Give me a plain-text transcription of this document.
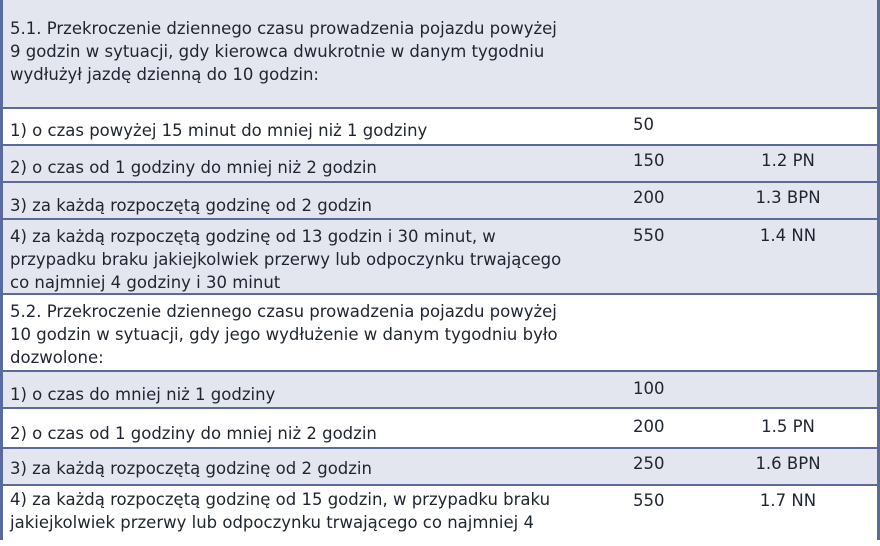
5.1. Przekroczenie dziennego czasu prowadzenia pojazdu powyżej
9 godzin w sytuacji, gdy kierowca dwukrotnie w danym tygodniu
wydłużył jazdę dzienną do 10 godzin:
1) o czas powyżej 15 minut do mniej niż 1 godziny	50
2) o czas od 1 godziny do mniej niż 2 godzin	150	1.2 PN
3) za każdą rozpoczętą godzinę od 2 godzin	200	1.3 BPN
4) za każdą rozpoczętą godzinę od 13 godzin i 30 minut, w
przypadku braku jakiejkolwiek przerwy lub odpoczynku trwającego
co najmniej 4 godziny i 30 minut
550	1.4 NN
5.2. Przekroczenie dziennego czasu prowadzenia pojazdu powyżej
10 godzin w sytuacji, gdy jego wydłużenie w danym tygodniu było
dozwolone:
1) o czas do mniej niż 1 godziny	100
2) o czas od 1 godziny do mniej niż 2 godzin	200	1.5 PN
3) za każdą rozpoczętą godzinę od 2 godzin	250	1.6 BPN
4) za każdą rozpoczętą godzinę od 15 godzin, w przypadku braku
jakiejkolwiek przerwy lub odpoczynku trwającego co najmniej 4
550	1.7 NN
